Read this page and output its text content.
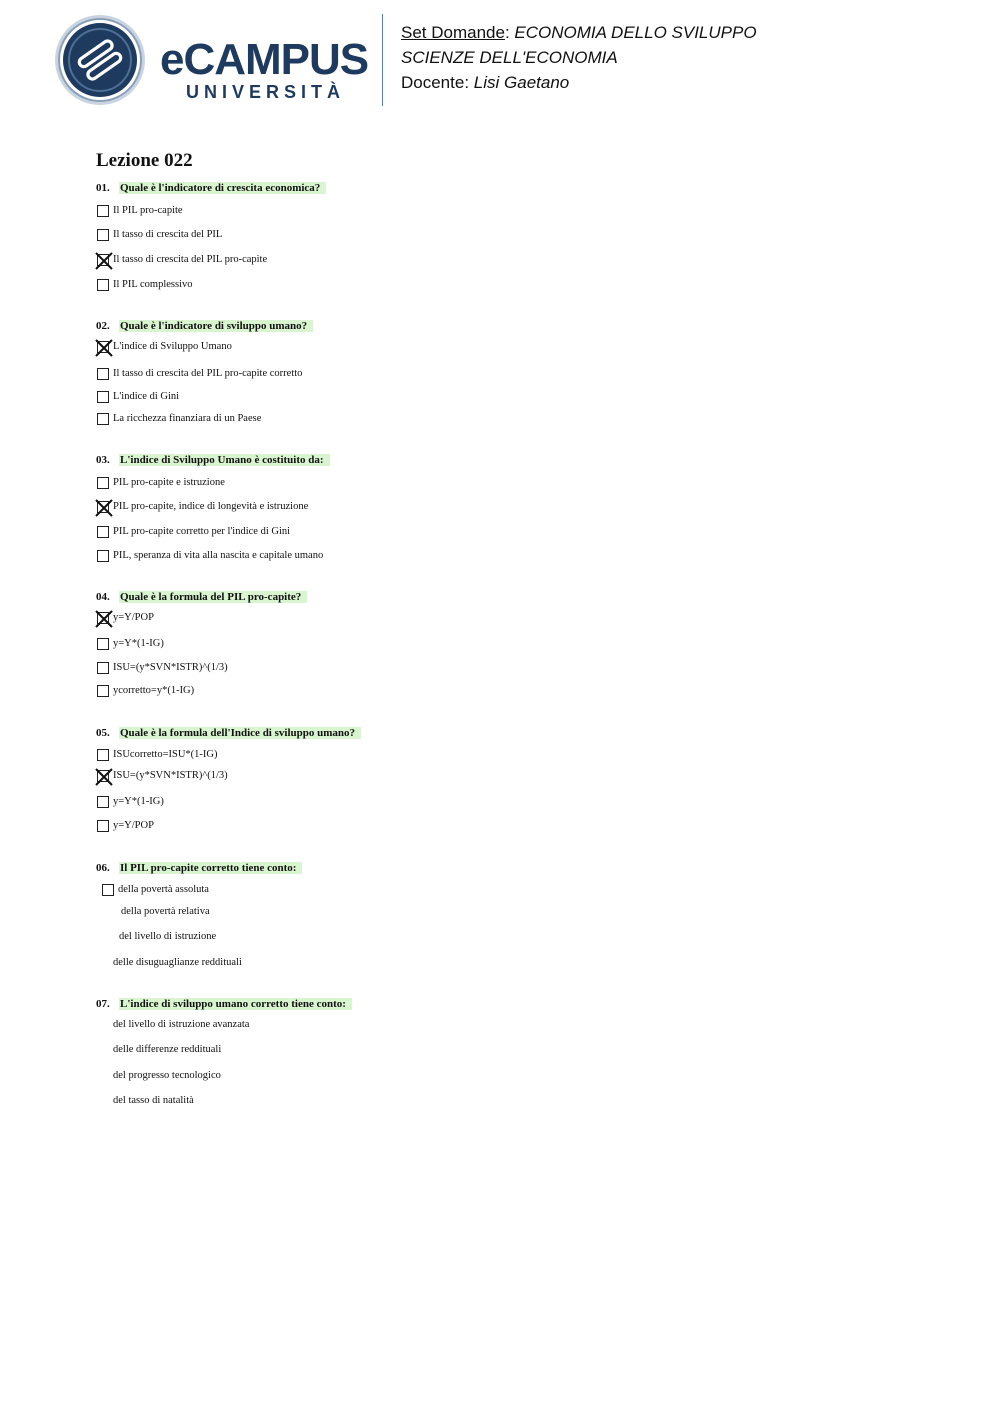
eCAMPUS
UNIVERSITÀ
Set Domande: ECONOMIA DELLO SVILUPPO
SCIENZE DELL'ECONOMIA
Docente: Lisi Gaetano
Lezione 022
01. Quale è l'indicatore di crescita economica?
Il PIL pro-capite
Il tasso di crescita del PIL
Il tasso di crescita del PIL pro-capite
Il PIL complessivo
02. Quale è l'indicatore di sviluppo umano?
L'indice di Sviluppo Umano
Il tasso di crescita del PIL pro-capite corretto
L'indice di Gini
La ricchezza finanziara di un Paese
03. L'indice di Sviluppo Umano è costituito da:
PIL pro-capite e istruzione
PIL pro-capite, indice di longevità e istruzione
PIL pro-capite corretto per l'indice di Gini
PIL, speranza di vita alla nascita e capitale umano
04. Quale è la formula del PIL pro-capite?
y=Y/POP
y=Y*(1-IG)
ISU=(y*SVN*ISTR)^(1/3)
ycorretto=y*(1-IG)
05. Quale è la formula dell'Indice di sviluppo umano?
ISUcorretto=ISU*(1-IG)
ISU=(y*SVN*ISTR)^(1/3)
y=Y*(1-IG)
y=Y/POP
06. Il PIL pro-capite corretto tiene conto:
della povertà assoluta
della povertà relativa
del livello di istruzione
delle disuguaglianze reddituali
07. L'indice di sviluppo umano corretto tiene conto:
del livello di istruzione avanzata
delle differenze reddituali
del progresso tecnologico
del tasso di natalità
